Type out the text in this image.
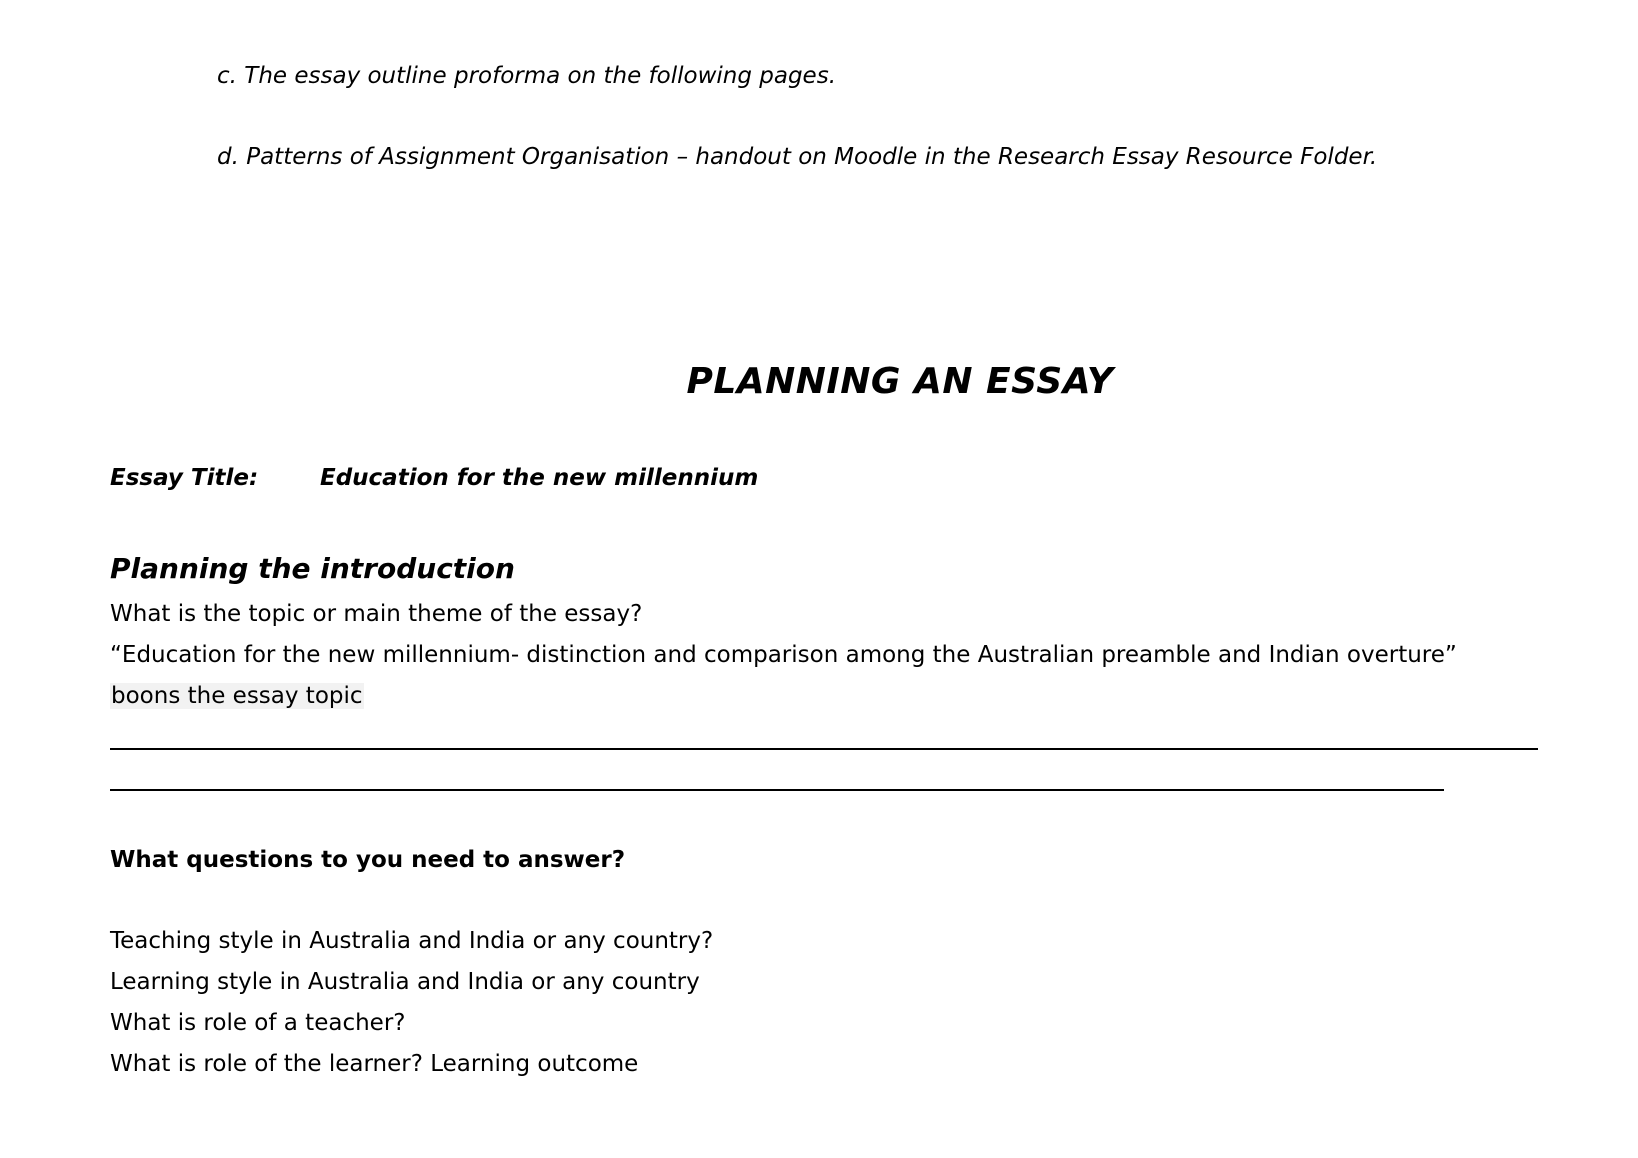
c. The essay outline proforma on the following pages.
d. Patterns of Assignment Organisation – handout on Moodle in the Research Essay Resource Folder.
PLANNING AN ESSAY
Essay Title:	Education for the new millennium
Planning the introduction
What is the topic or main theme of the essay?
“Education for the new millennium- distinction and comparison among the Australian preamble and Indian overture”
boons the essay topic
What questions to you need to answer?
Teaching style in Australia and India or any country?
Learning style in Australia and India or any country
What is role of a teacher?
What is role of the learner? Learning outcome
